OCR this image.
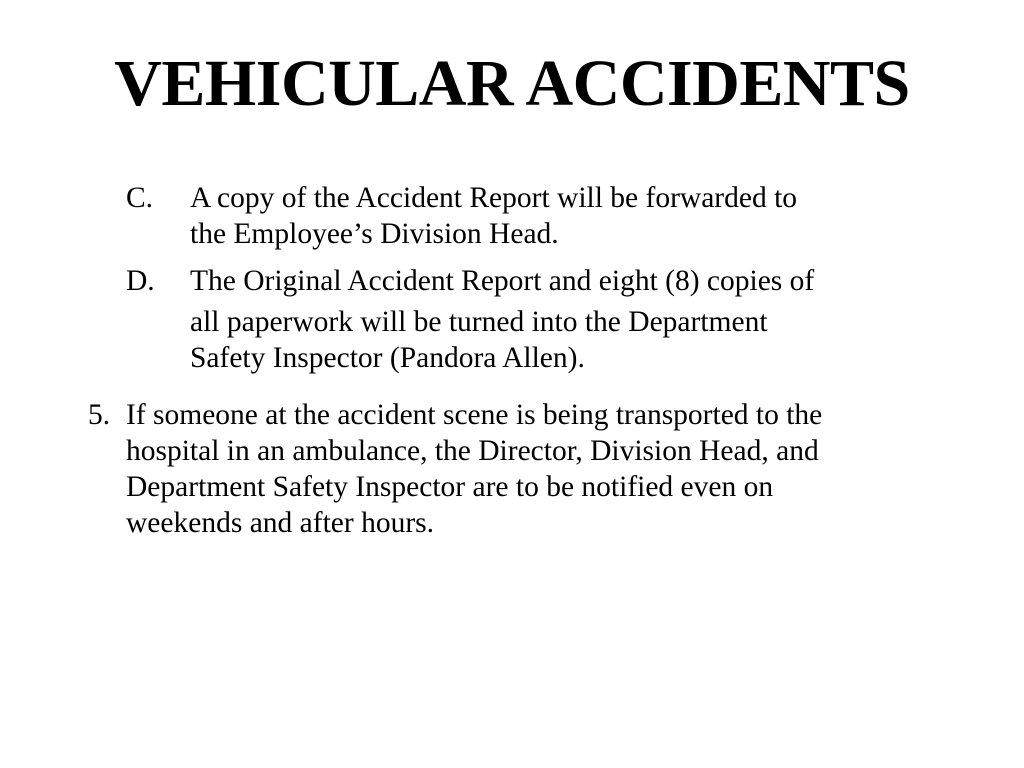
VEHICULAR ACCIDENTS
C. A copy of the Accident Report will be forwarded to
the Employee’s Division Head.
D. The Original Accident Report and eight (8) copies of
all paperwork will be turned into the Department
Safety Inspector (Pandora Allen).
5. If someone at the accident scene is being transported to the
hospital in an ambulance, the Director, Division Head, and
Department Safety Inspector are to be notified even on
weekends and after hours.
